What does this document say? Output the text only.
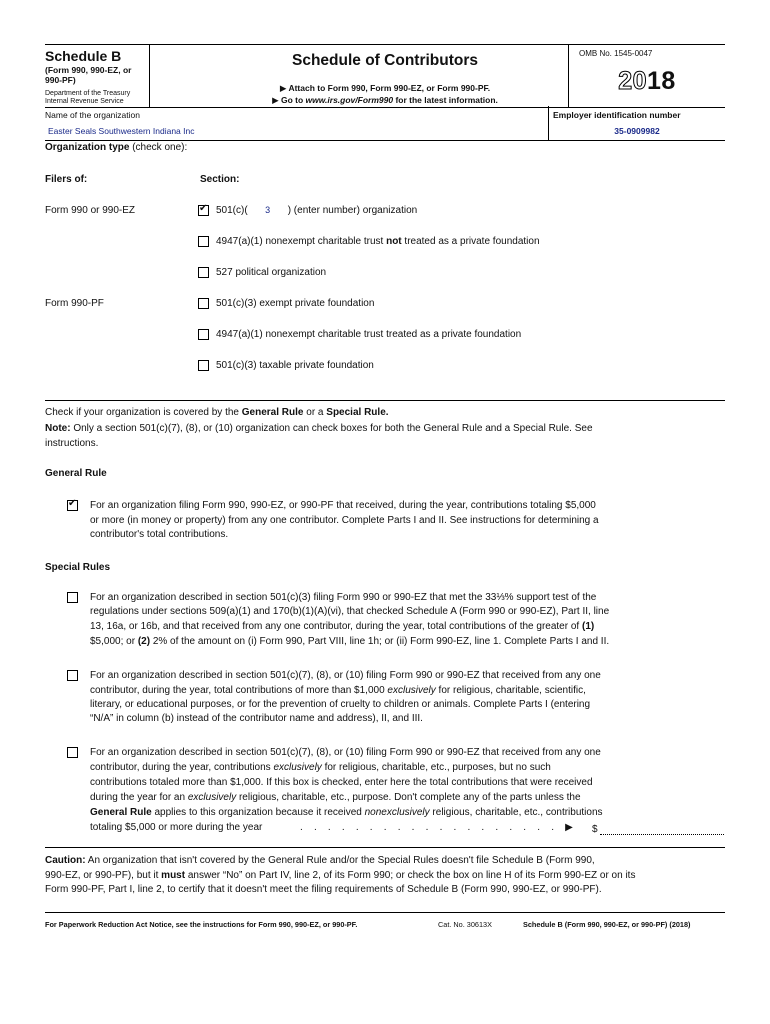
Schedule B
(Form 990, 990-EZ, or 990-PF)
Department of the Treasury Internal Revenue Service
Schedule of Contributors
▶ Attach to Form 990, Form 990-EZ, or Form 990-PF.
▶ Go to www.irs.gov/Form990 for the latest information.
OMB No. 1545-0047
2018
Name of the organization
Easter Seals Southwestern Indiana Inc
Employer identification number
35-0909982
Organization type (check one):
Filers of:	Section:
Form 990 or 990-EZ	✔ 501(c)( 3 ) (enter number) organization
4947(a)(1) nonexempt charitable trust not treated as a private foundation
527 political organization
Form 990-PF	501(c)(3) exempt private foundation
4947(a)(1) nonexempt charitable trust treated as a private foundation
501(c)(3) taxable private foundation
Check if your organization is covered by the General Rule or a Special Rule.
Note: Only a section 501(c)(7), (8), or (10) organization can check boxes for both the General Rule and a Special Rule. See
instructions.
General Rule
✔ For an organization filing Form 990, 990-EZ, or 990-PF that received, during the year, contributions totaling $5,000
or more (in money or property) from any one contributor. Complete Parts I and II. See instructions for determining a
contributor's total contributions.
Special Rules
For an organization described in section 501(c)(3) filing Form 990 or 990-EZ that met the 33⅓% support test of the
regulations under sections 509(a)(1) and 170(b)(1)(A)(vi), that checked Schedule A (Form 990 or 990-EZ), Part II, line
13, 16a, or 16b, and that received from any one contributor, during the year, total contributions of the greater of (1)
$5,000; or (2) 2% of the amount on (i) Form 990, Part VIII, line 1h; or (ii) Form 990-EZ, line 1. Complete Parts I and II.
For an organization described in section 501(c)(7), (8), or (10) filing Form 990 or 990-EZ that received from any one
contributor, during the year, total contributions of more than $1,000 exclusively for religious, charitable, scientific,
literary, or educational purposes, or for the prevention of cruelty to children or animals. Complete Parts I (entering
“N/A” in column (b) instead of the contributor name and address), II, and III.
For an organization described in section 501(c)(7), (8), or (10) filing Form 990 or 990-EZ that received from any one
contributor, during the year, contributions exclusively for religious, charitable, etc., purposes, but no such
contributions totaled more than $1,000. If this box is checked, enter here the total contributions that were received
during the year for an exclusively religious, charitable, etc., purpose. Don't complete any of the parts unless the
General Rule applies to this organization because it received nonexclusively religious, charitable, etc., contributions
totaling $5,000 or more during the year	. . . . . . . . . . . . . . . . . . . ▶ $
Caution: An organization that isn't covered by the General Rule and/or the Special Rules doesn't file Schedule B (Form 990,
990-EZ, or 990-PF), but it must answer “No” on Part IV, line 2, of its Form 990; or check the box on line H of its Form 990-EZ or on its
Form 990-PF, Part I, line 2, to certify that it doesn't meet the filing requirements of Schedule B (Form 990, 990-EZ, or 990-PF).
For Paperwork Reduction Act Notice, see the instructions for Form 990, 990-EZ, or 990-PF.	Cat. No. 30613X	Schedule B (Form 990, 990-EZ, or 990-PF) (2018)
